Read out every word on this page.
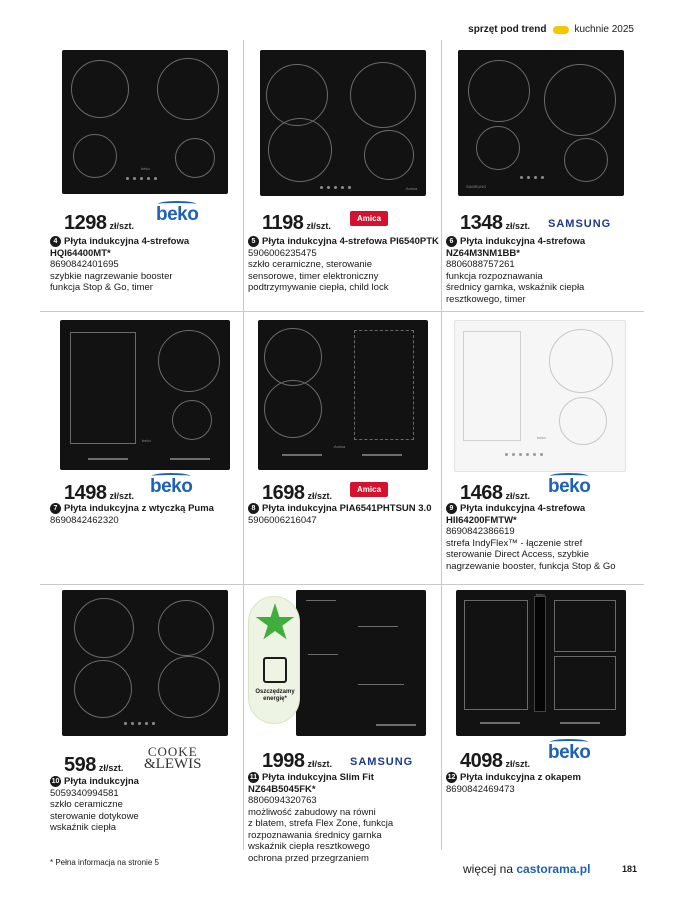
sprzęt pod trend	kuchnie 2025
beko
1298 zł/szt.
beko
4 Płyta indukcyjna 4-strefowa HQI64400MT*
8690842401695
szybkie nagrzewanie booster
funkcja Stop & Go, timer
Amica
1198 zł/szt.
Amica
5 Płyta indukcyjna 4-strefowa PI6540PTK
5906006235475
szkło ceramiczne, sterowanie
sensorowe, timer elektroniczny
podtrzymywanie ciepła, child lock
SAMSUNG
1348 zł/szt. SAMSUNG
6 Płyta indukcyjna 4-strefowa NZ64M3NM1BB*
8806088757261
funkcja rozpoznawania
średnicy garnka, wskaźnik ciepła
resztkowego, timer
beko
1498 zł/szt. beko
7 Płyta indukcyjna z wtyczką Puma
8690842462320
Amica
1698 zł/szt.
Amica
8 Płyta indukcyjna PIA6541PHTSUN 3.0
5906006216047
beko
1468 zł/szt. beko
9 Płyta indukcyjna 4-strefowa HII64200FMTW*
8690842386619
strefa IndyFlex™ - łączenie stref
sterowanie Direct Access, szybkie
nagrzewanie booster, funkcja Stop & Go
598 zł/szt.
COOKE
&LEWIS
10 Płyta indukcyjna
5059340994581
szkło ceramiczne
sterowanie dotykowe
wskaźnik ciepła
Oszczędzamy energię*
1998 zł/szt. SAMSUNG
11 Płyta indukcyjna Slim Fit NZ64B5045FK*
8806094320763
możliwość zabudowy na równi
z blatem, strefa Flex Zone, funkcja
rozpoznawania średnicy garnka
wskaźnik ciepła resztkowego
ochrona przed przegrzaniem
beko
4098 zł/szt.
beko
12 Płyta indukcyjna z okapem
8690842469473
* Pełna informacja na stronie 5	więcej na castorama.pl	181
